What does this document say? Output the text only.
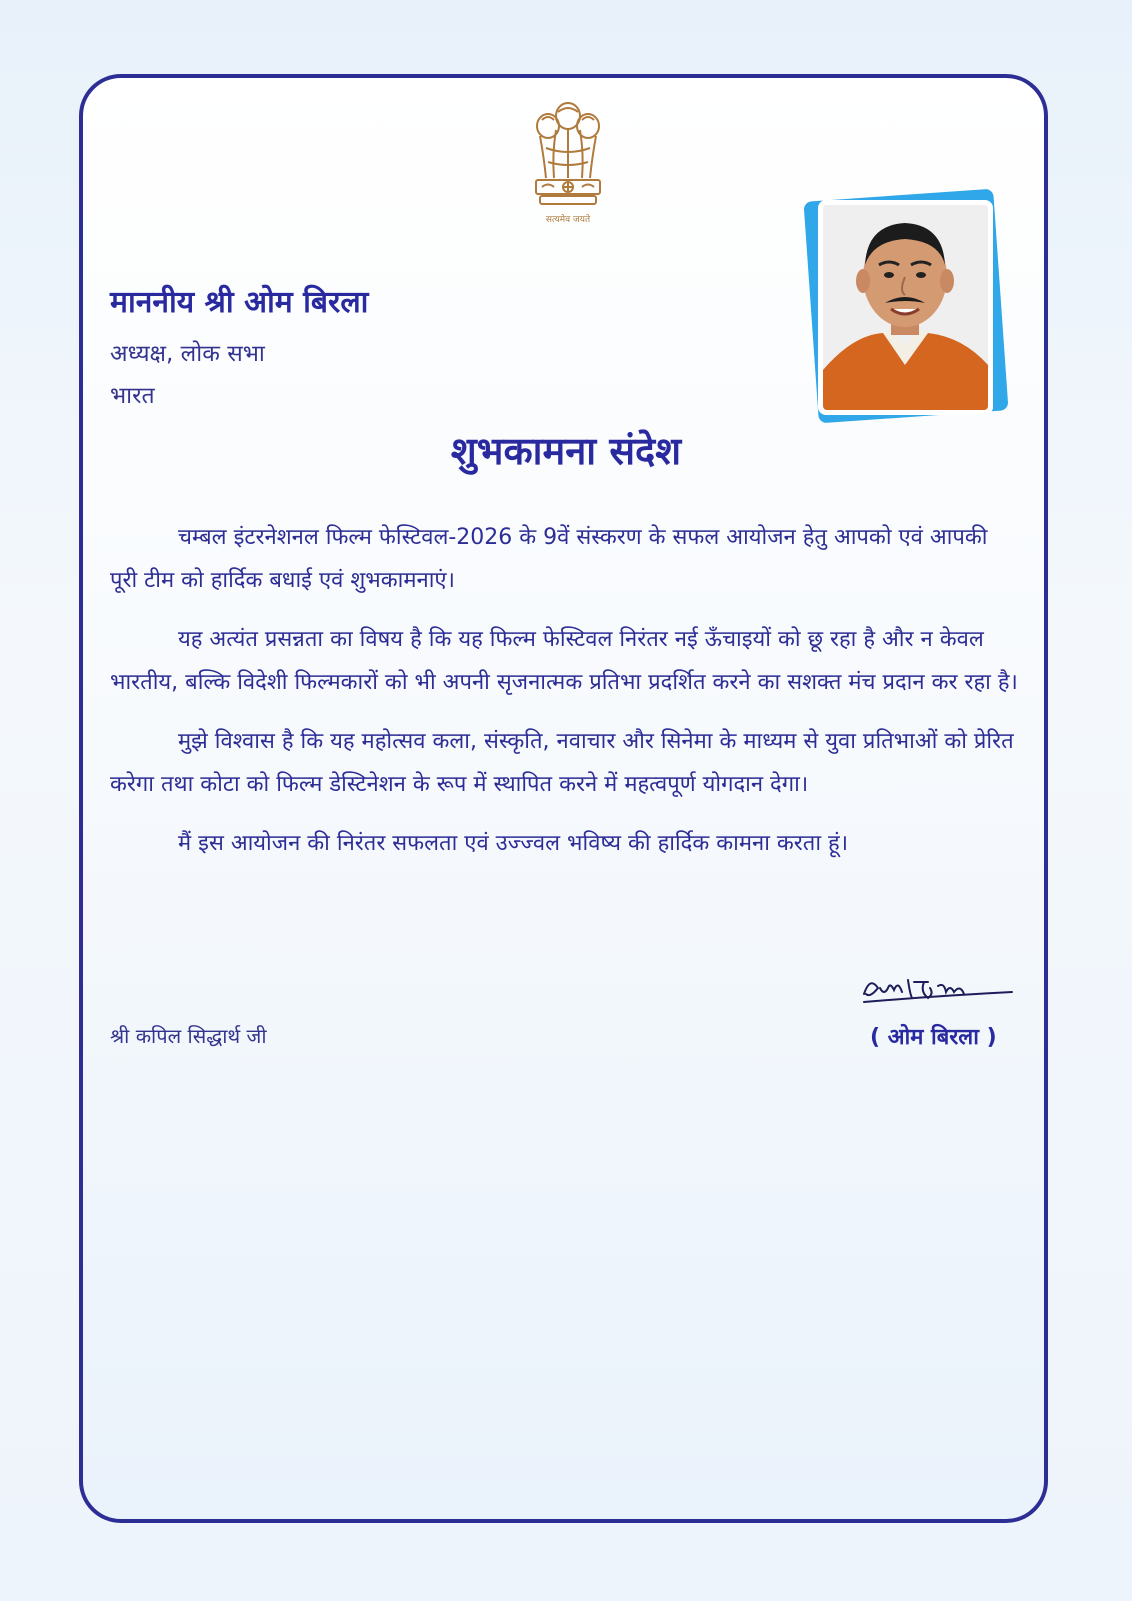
सत्यमेव जयते
माननीय श्री ओम बिरला
अध्यक्ष, लोक सभा
भारत
शुभकामना संदेश

चम्बल इंटरनेशनल फिल्म फेस्टिवल-2026 के 9वें संस्करण के सफल आयोजन हेतु आपको एवं आपकी पूरी टीम को हार्दिक बधाई एवं शुभकामनाएं।

यह अत्यंत प्रसन्नता का विषय है कि यह फिल्म फेस्टिवल निरंतर नई ऊँचाइयों को छू रहा है और न केवल भारतीय, बल्कि विदेशी फिल्मकारों को भी अपनी सृजनात्मक प्रतिभा प्रदर्शित करने का सशक्त मंच प्रदान कर रहा है।

मुझे विश्वास है कि यह महोत्सव कला, संस्कृति, नवाचार और सिनेमा के माध्यम से युवा प्रतिभाओं को प्रेरित करेगा तथा कोटा को फिल्म डेस्टिनेशन के रूप में स्थापित करने में महत्वपूर्ण योगदान देगा।

मैं इस आयोजन की निरंतर सफलता एवं उज्ज्वल भविष्य की हार्दिक कामना करता हूं।

श्री कपिल सिद्धार्थ जी	( ओम बिरला )
